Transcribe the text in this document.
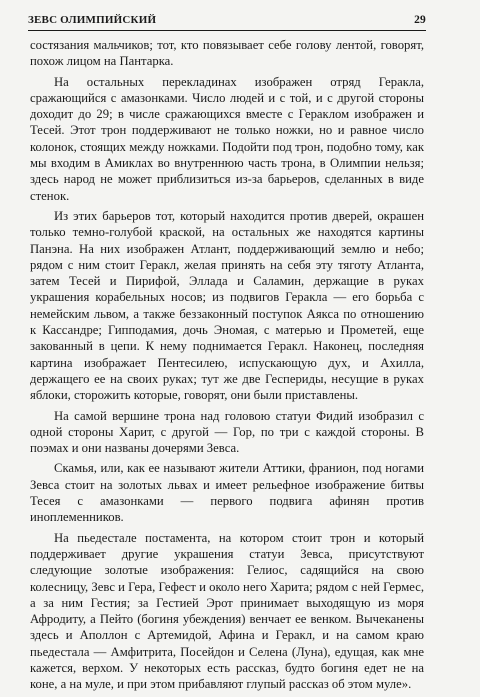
ЗЕВС ОЛИМПИЙСКИЙ	29

состязания мальчиков; тот, кто повязывает себе голову лентой, говорят, похож лицом на Пантарка.

На остальных перекладинах изображен отряд Геракла, сражающийся с амазонками. Число людей и с той, и с другой стороны доходит до 29; в числе сражающихся вместе с Гераклом изображен и Тесей. Этот трон поддерживают не только ножки, но и равное число колонок, стоящих между ножками. Подойти под трон, подобно тому, как мы входим в Амиклах во внутреннюю часть трона, в Олимпии нельзя; здесь народ не может приблизиться из-за барьеров, сделанных в виде стенок.

Из этих барьеров тот, который находится против дверей, окрашен только темно-голубой краской, на остальных же находятся картины Панэна. На них изображен Атлант, поддерживающий землю и небо; рядом с ним стоит Геракл, желая принять на себя эту тяготу Атланта, затем Тесей и Пирифой, Эллада и Саламин, держащие в руках украшения корабельных носов; из подвигов Геракла — его борьба с немейским львом, а также беззаконный поступок Аякса по отношению к Кассандре; Гипподамия, дочь Эномая, с матерью и Прометей, еще закованный в цепи. К нему поднимается Геракл. Наконец, последняя картина изображает Пентесилею, испускающую дух, и Ахилла, держащего ее на своих руках; тут же две Геспериды, несущие в руках яблоки, сторожить которые, говорят, они были приставлены.

На самой вершине трона над головою статуи Фидий изобразил с одной стороны Харит, с другой — Гор, по три с каждой стороны. В поэмах и они названы дочерями Зевса.

Скамья, или, как ее называют жители Аттики, франион, под ногами Зевса стоит на золотых львах и имеет рельефное изображение битвы Тесея с амазонками — первого подвига афинян против иноплеменников.

На пьедестале постамента, на котором стоит трон и который поддерживает другие украшения статуи Зевса, присутствуют следующие золотые изображения: Гелиос, садящийся на свою колесницу, Зевс и Гера, Гефест и около него Харита; рядом с ней Гермес, а за ним Гестия; за Гестией Эрот принимает выходящую из моря Афродиту, а Пейто (богиня убеждения) венчает ее венком. Вычеканены здесь и Аполлон с Артемидой, Афина и Геракл, и на самом краю пьедестала — Амфитрита, Посейдон и Селена (Луна), едущая, как мне кажется, верхом. У некоторых есть рассказ, будто богиня едет не на коне, а на муле, и при этом прибавляют глупый рассказ об этом муле».
